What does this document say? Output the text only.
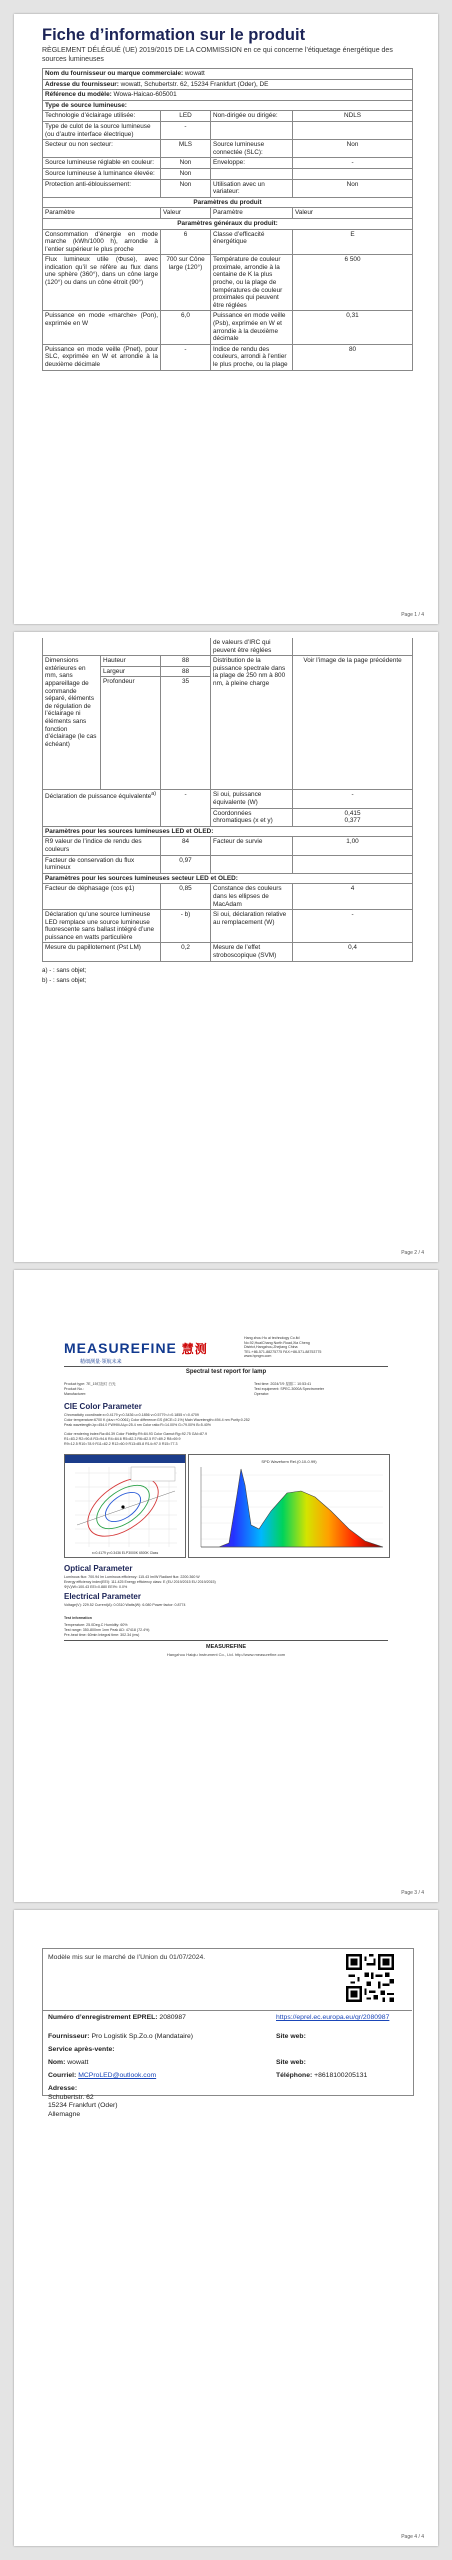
Fiche d’information sur le produit
RÈGLEMENT DÉLÉGUÉ (UE) 2019/2015 DE LA COMMISSION en ce qui concerne l’étiquetage énergétique des sources lumineuses
Nom du fournisseur ou marque commerciale: wowatt			
Adresse du fournisseur: wowatt, Schubertstr. 62, 15234 Frankfurt (Oder), DE			
Référence du modèle: Wowa-Haicao-605001			
Type de source lumineuse:			
Technologie d’éclairage utilisée:	LED	Non-dirigée ou dirigée:	NDLS
Type de culot de la source lumineuse (ou d’autre interface électrique)	-		
Secteur ou non secteur:	MLS	Source lumineuse connectée (SLC):	Non
Source lumineuse réglable en couleur:	Non	Enveloppe:	-
Source lumineuse à luminance élevée:	Non		
Protection anti-éblouissement:	Non	Utilisation avec un variateur:	Non
Paramètres du produit			
Paramètre	Valeur	Paramètre	Valeur
Paramètres généraux du produit:			
Consommation d’énergie en mode marche (kWh/1000 h), arrondie à l’entier supérieur le plus proche	6	Classe d’efficacité énergétique	E
Flux lumineux utile (Φuse), avec indication qu’il se réfère au flux dans une sphère (360°), dans un cône large (120°) ou dans un cône étroit (90°)	700 sur Cône large (120°)	Température de couleur proximale, arrondie à la centaine de K la plus proche, ou la plage de températures de couleur proximales qui peuvent être réglées	6 500
Puissance en mode «marche» (Pon), exprimée en W	6,0	Puissance en mode veille (Psb), exprimée en W et arrondie à la deuxième décimale	0,31
Puissance en mode veille (Pnet), pour SLC, exprimée en W et arrondie à la deuxième décimale	-	Indice de rendu des couleurs, arrondi à l’entier le plus proche, ou la plage	80
Page 1 / 4
			de valeurs d’IRC qui peuvent être réglées	
Dimensions extérieures en mm, sans appareillage de commande séparé, éléments de régulation de l’éclairage ni éléments sans fonction d’éclairage (le cas échéant)	Hauteur	88	Distribution de la puissance spectrale dans la plage de 250 nm à 800 nm, à pleine charge	Voir l’image de la page précédente
	Largeur	88		
	Profondeur	35		
Déclaration de puissance équivalente$^{a)}$		-	Si oui, puissance équivalente (W)	-
			Coordonnées chromatiques (x et y)	0,415
0,377

Paramètres pour les sources lumineuses LED et OLED:				
R9 valeur de l’indice de rendu des couleurs		84	Facteur de survie	1,00
Facteur de conservation du flux lumineux		0,97		
Paramètres pour les sources lumineuses secteur LED et OLED:				
Facteur de déphasage (cos φ1)		0,85	Constance des couleurs dans les ellipses de MacAdam	4
Déclaration qu’une source lumineuse LED remplace une source lumineuse fluorescente sans ballast intégré d’une puissance en watts particulière		- b)	Si oui, déclaration relative au remplacement (W)	-
Mesure du papillotement (Pst LM)		0,2	Mesure de l’effet stroboscopique (SVM)	0,4
a) - : sans objet;
b) - : sans objet;
Page 2 / 4
MEASUREFINE 慧测
精细测量·领航未来
Hang zhou Hu ai technology Co.ltd
No.92,HuaiChang North Road,Xia Cheng
District,Hangzhou,Zhejiang China
TEL:+86-571-88275775 FAX:+86-571-88753775
www.hpngm.com
Spectral test report for lamp
Product type: 7E_15灯泡灯 白光
Product No.:
Manufacturer:
Test time: 2024/7/9 星期二 10:53:41
Test equipment: SPEC-3000A Spectrometer
Operator:
CIE Color Parameter
Chromaticity coordinate:x=0.4179 y=0.3436 u=0.1856 v=0.5779 u'=0.1855 v'=0.4709
Color temperature:6700 K (duv=+0.0061) Color difference:GS (MCE=2.1%) Main Wavelength=494.4 nm Purity:0.252
Peak wavelength:λp=454.0 FWHM:Δλp=25.4 nm Color ratio:R=14.00% G=79.00% B=5.40%
Color rendering index:Ra=84.39 Color Fidelity:Rf=84.93 Color Gamut:Rg=92.75 GAI=87.9
R1=83.2 R2=90.8 R3=94.6 R4=84.6 R5=82.3 R6=82.5 R7=89.2 R8=69.9
R9=12.5 R10=78.9 R11=82.2 R12=60.9 R13=85.8 R14=97.0 R15=77.3
x=0.4179 y=0.3436 ELP3000K 6500K Class
SPD Waveform Rel.(0.10-0.99)
Optical Parameter
Luminous flux: 700.94 lm Luminous efficiency: 115.43 lm/W Radiant flux: 2200.360 W
Energy efficiency index(EEI): 111.425 Energy efficiency class: E (EU 2019/2015 EU 2019/2015)
Φ(V)/W=100.43 EEI=0.880 EEI%: 0.0%
Electrical Parameter
Voltage(V): 229.52 Current(A): 0.0310 Watts(W): 6.080 Power factor: 0.8774
Test information
Temperature: 25.0Deg.C Humidity: 60%
Test range: 350-800nm 1nm Peak AD: 47418 (72.4%)
Pre-heat time: 60min Integral time: 302.34 (ms)
MEASUREFINE
Hangzhou Haiqiu Instrument Co., Ltd. http://www.measurefine.com
Page 3 / 4
Modèle mis sur le marché de l’Union du 01/07/2024.
Numéro d’enregistrement EPREL: 2080987	https://eprel.ec.europa.eu/qr/2080987
Fournisseur: Pro Logistik Sp.Zo.o (Mandataire)	Site web:
Service après-vente:
Nom: wowatt	Site web:
Courriel: MCProLED@outlook.com	Téléphone: +8618100205131
Adresse:
Schubertstr. 62
15234 Frankfurt (Oder)
Allemagne
Page 4 / 4
